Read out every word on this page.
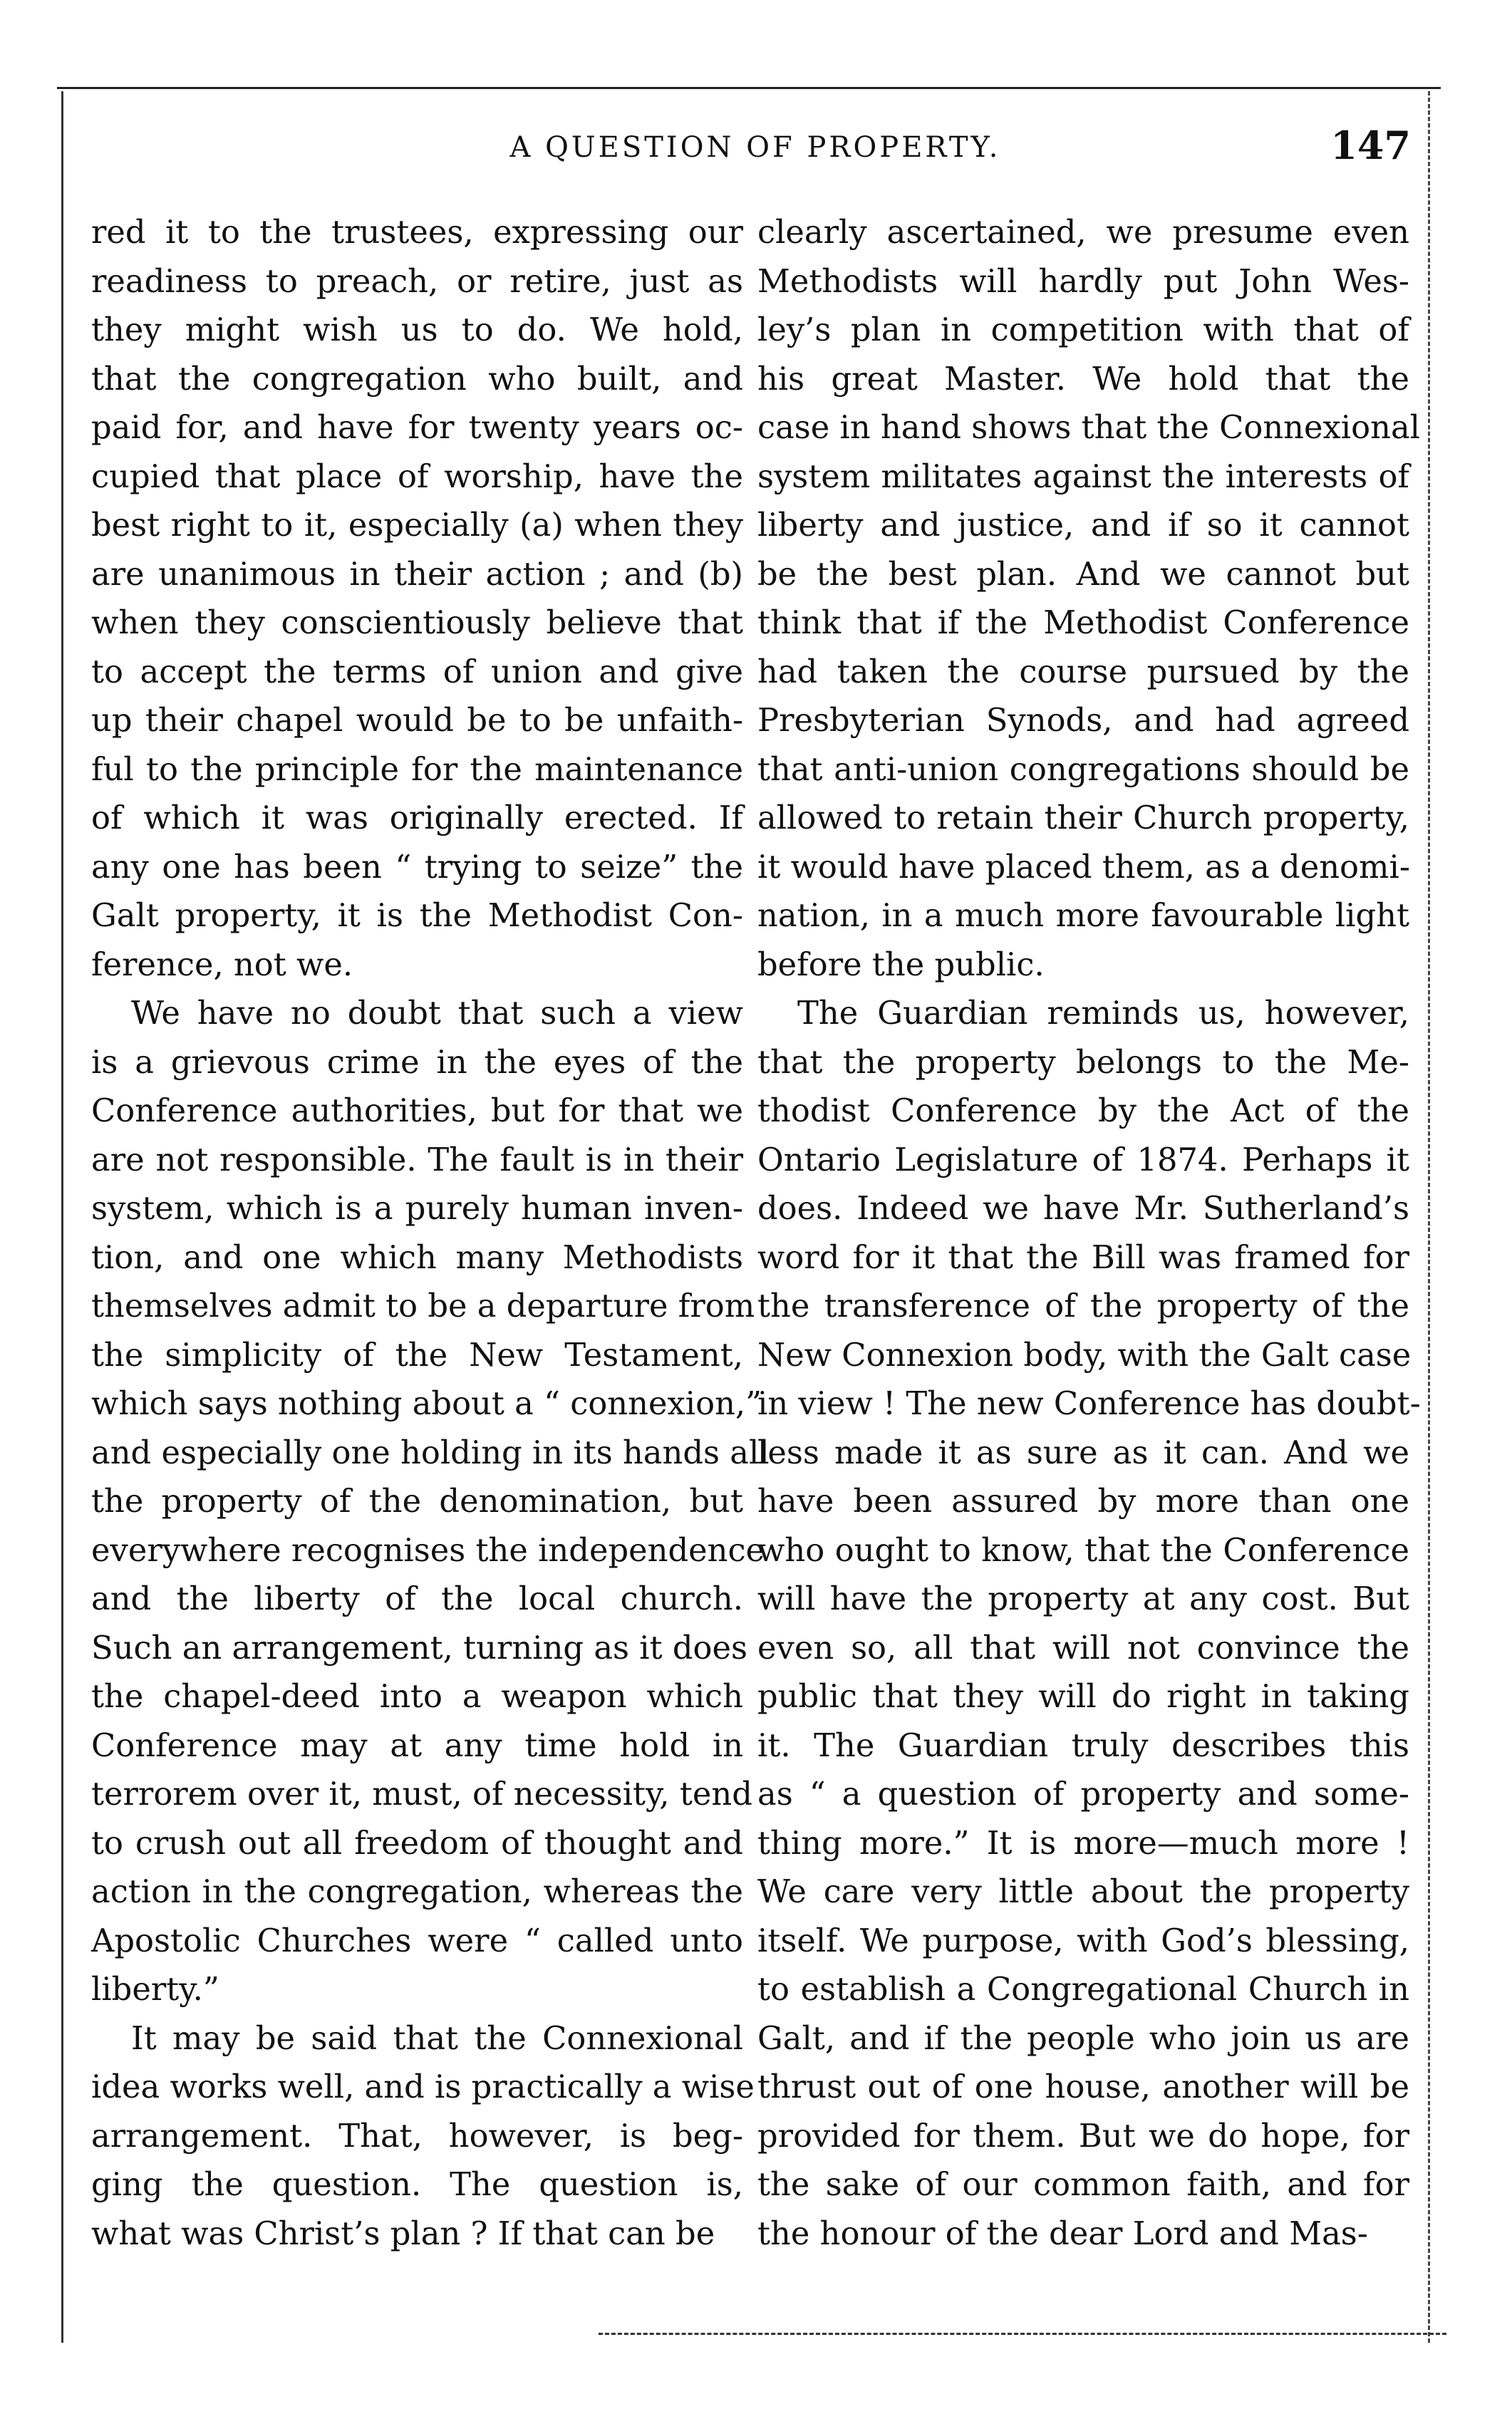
A QUESTION OF PROPERTY.	147

red it to the trustees, expressing our
readiness to preach, or retire, just as
they might wish us to do. We hold,
that the congregation who built, and
paid for, and have for twenty years oc-
cupied that place of worship, have the
best right to it, especially (a) when they
are unanimous in their action ; and (b)
when they conscientiously believe that
to accept the terms of union and give
up their chapel would be to be unfaith-
ful to the principle for the maintenance
of which it was originally erected. If
any one has been “ trying to seize” the
Galt property, it is the Methodist Con-
ference, not we.

We have no doubt that such a view
is a grievous crime in the eyes of the
Conference authorities, but for that we
are not responsible. The fault is in their
system, which is a purely human inven-
tion, and one which many Methodists
themselves admit to be a departure from
the simplicity of the New Testament,
which says nothing about a “ connexion,”
and especially one holding in its hands all
the property of the denomination, but
everywhere recognises the independence
and the liberty of the local church.
Such an arrangement, turning as it does
the chapel-deed into a weapon which
Conference may at any time hold in
terrorem over it, must, of necessity, tend
to crush out all freedom of thought and
action in the congregation, whereas the
Apostolic Churches were “ called unto
liberty.”

It may be said that the Connexional
idea works well, and is practically a wise
arrangement. That, however, is beg-
ging the question. The question is,
what was Christ’s plan ? If that can be

clearly ascertained, we presume even
Methodists will hardly put John Wes-
ley’s plan in competition with that of
his great Master. We hold that the
case in hand shows that the Connexional
system militates against the interests of
liberty and justice, and if so it cannot
be the best plan. And we cannot but
think that if the Methodist Conference
had taken the course pursued by the
Presbyterian Synods, and had agreed
that anti-union congregations should be
allowed to retain their Church property,
it would have placed them, as a denomi-
nation, in a much more favourable light
before the public.

The Guardian reminds us, however,
that the property belongs to the Me-
thodist Conference by the Act of the
Ontario Legislature of 1874. Perhaps it
does. Indeed we have Mr. Sutherland’s
word for it that the Bill was framed for
the transference of the property of the
New Connexion body, with the Galt case
in view ! The new Conference has doubt-
less made it as sure as it can. And we
have been assured by more than one
who ought to know, that the Conference
will have the property at any cost. But
even so, all that will not convince the
public that they will do right in taking
it. The Guardian truly describes this
as “ a question of property and some-
thing more.” It is more—much more !
We care very little about the property
itself. We purpose, with God’s blessing,
to establish a Congregational Church in
Galt, and if the people who join us are
thrust out of one house, another will be
provided for them. But we do hope, for
the sake of our common faith, and for
the honour of the dear Lord and Mas-
